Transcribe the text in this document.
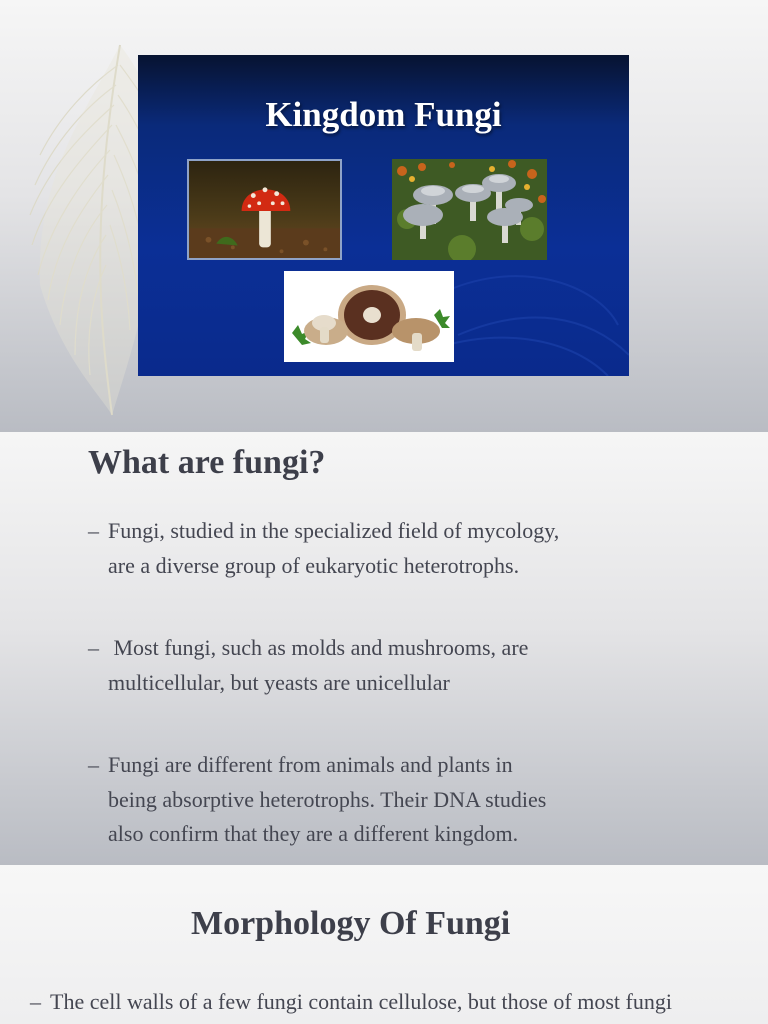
Kingdom Fungi
What are fungi?
– Fungi, studied in the specialized field of mycology,
are a diverse group of eukaryotic heterotrophs.
– Most fungi, such as molds and mushrooms, are
multicellular, but yeasts are unicellular
– Fungi are different from animals and plants in
being absorptive heterotrophs. Their DNA studies
also confirm that they are a different kingdom.
Morphology Of Fungi
– The cell walls of a few fungi contain cellulose, but those of most fungi
